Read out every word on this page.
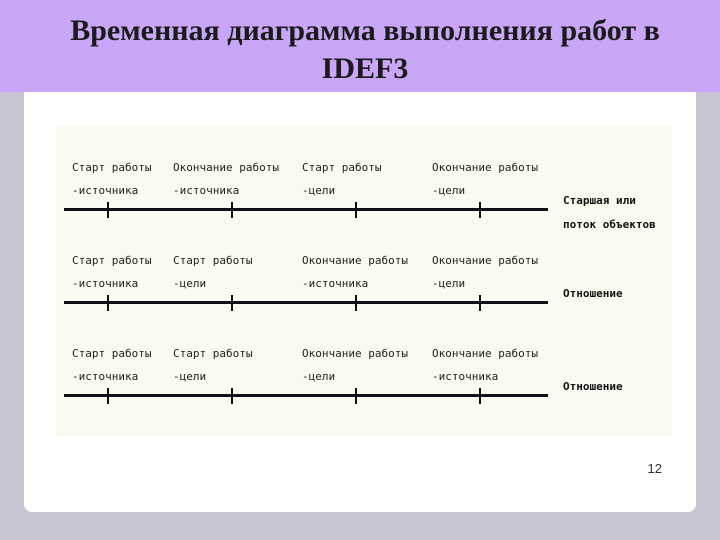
Временная диаграмма выполнения работ в
IDEF3
Старт работы
-источника
Окончание работы
-источника
Старт работы
-цели
Окончание работы
-цели
Старшая или
поток объектов
Старт работы
-источника
Старт работы
-цели
Окончание работы
-источника
Окончание работы
-цели
Отношение
Старт работы
-источника
Старт работы
-цели
Окончание работы
-цели
Окончание работы
-источника
Отношение
12
